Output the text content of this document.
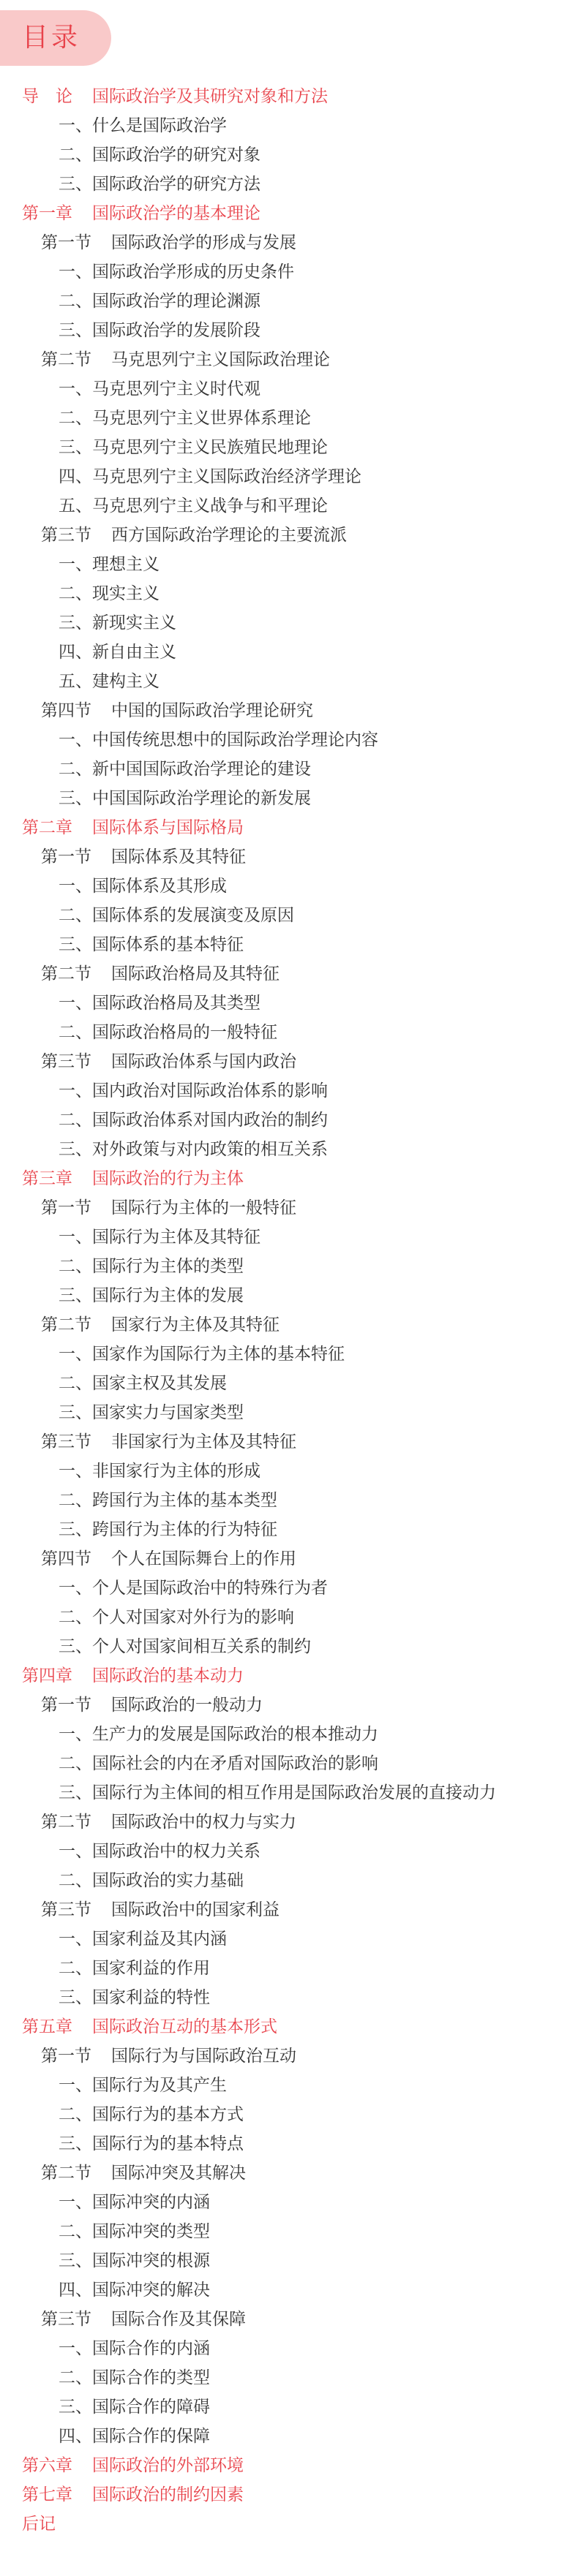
目录
导　论 国际政治学及其研究对象和方法
一、什么是国际政治学
二、国际政治学的研究对象
三、国际政治学的研究方法
第一章 国际政治学的基本理论
第一节 国际政治学的形成与发展
一、国际政治学形成的历史条件
二、国际政治学的理论渊源
三、国际政治学的发展阶段
第二节 马克思列宁主义国际政治理论
一、马克思列宁主义时代观
二、马克思列宁主义世界体系理论
三、马克思列宁主义民族殖民地理论
四、马克思列宁主义国际政治经济学理论
五、马克思列宁主义战争与和平理论
第三节 西方国际政治学理论的主要流派
一、理想主义
二、现实主义
三、新现实主义
四、新自由主义
五、建构主义
第四节 中国的国际政治学理论研究
一、中国传统思想中的国际政治学理论内容
二、新中国国际政治学理论的建设
三、中国国际政治学理论的新发展
第二章 国际体系与国际格局
第一节 国际体系及其特征
一、国际体系及其形成
二、国际体系的发展演变及原因
三、国际体系的基本特征
第二节 国际政治格局及其特征
一、国际政治格局及其类型
二、国际政治格局的一般特征
第三节 国际政治体系与国内政治
一、国内政治对国际政治体系的影响
二、国际政治体系对国内政治的制约
三、对外政策与对内政策的相互关系
第三章 国际政治的行为主体
第一节 国际行为主体的一般特征
一、国际行为主体及其特征
二、国际行为主体的类型
三、国际行为主体的发展
第二节 国家行为主体及其特征
一、国家作为国际行为主体的基本特征
二、国家主权及其发展
三、国家实力与国家类型
第三节 非国家行为主体及其特征
一、非国家行为主体的形成
二、跨国行为主体的基本类型
三、跨国行为主体的行为特征
第四节 个人在国际舞台上的作用
一、个人是国际政治中的特殊行为者
二、个人对国家对外行为的影响
三、个人对国家间相互关系的制约
第四章 国际政治的基本动力
第一节 国际政治的一般动力
一、生产力的发展是国际政治的根本推动力
二、国际社会的内在矛盾对国际政治的影响
三、国际行为主体间的相互作用是国际政治发展的直接动力
第二节 国际政治中的权力与实力
一、国际政治中的权力关系
二、国际政治的实力基础
第三节 国际政治中的国家利益
一、国家利益及其内涵
二、国家利益的作用
三、国家利益的特性
第五章 国际政治互动的基本形式
第一节 国际行为与国际政治互动
一、国际行为及其产生
二、国际行为的基本方式
三、国际行为的基本特点
第二节 国际冲突及其解决
一、国际冲突的内涵
二、国际冲突的类型
三、国际冲突的根源
四、国际冲突的解决
第三节 国际合作及其保障
一、国际合作的内涵
二、国际合作的类型
三、国际合作的障碍
四、国际合作的保障
第六章 国际政治的外部环境
第七章 国际政治的制约因素
后记
